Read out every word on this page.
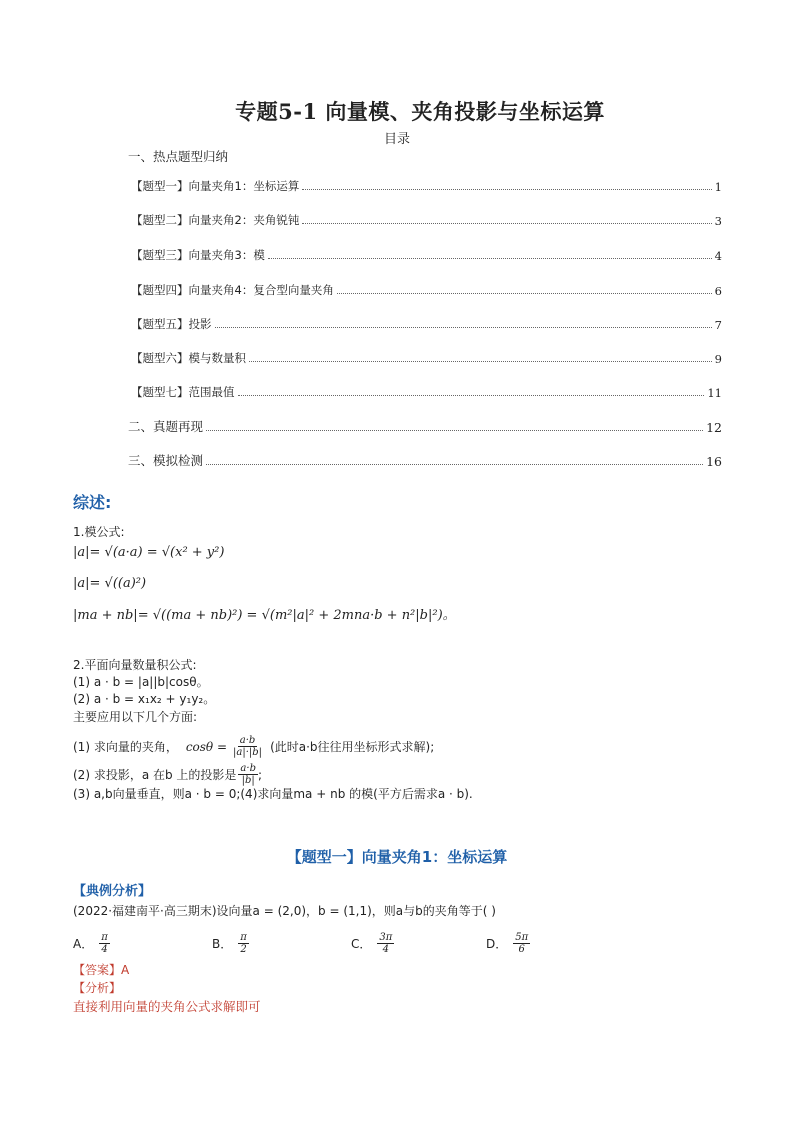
专题5-1 向量模、夹角投影与坐标运算
目录
一、热点题型归纳
【题型一】向量夹角1：坐标运算	1
【题型二】向量夹角2：夹角锐钝	3
【题型三】向量夹角3：模	4
【题型四】向量夹角4：复合型向量夹角	6
【题型五】投影	7
【题型六】模与数量积	9
【题型七】范围最值	11
二、真题再现	12
三、模拟检测	16
综述:
1.模公式:
|a|= √(a·a) = √(x² + y²)
|a|= √((a)²)
|ma + nb|= √((ma + nb)²) = √(m²|a|² + 2mna·b + n²|b|²)。
2.平面向量数量积公式:
(1) a · b = |a||b|cosθ。
(2) a · b = x₁x₂ + y₁y₂。
主要应用以下几个方面:
(1) 求向量的夹角， $\cos\theta = \frac{a\cdot b}{|a|\cdot|b|}$ (此时a·b往往用坐标形式求解);
(2) 求投影，a 在b 上的投影是 $\frac{a\cdot b}{|b|}$ ;
(3) a,b向量垂直，则a · b = 0;(4)求向量ma + nb 的模(平方后需求a · b).
【题型一】向量夹角1：坐标运算
【典例分析】
(2022·福建南平·高三期末)设向量a = (2,0)，b = (1,1)，则a与b的夹角等于( )
A． $\frac{\pi}{4}$	B． $\frac{\pi}{2}$	C． $\frac{3\pi}{4}$	D． $\frac{5\pi}{6}$
【答案】A
【分析】
直接利用向量的夹角公式求解即可
